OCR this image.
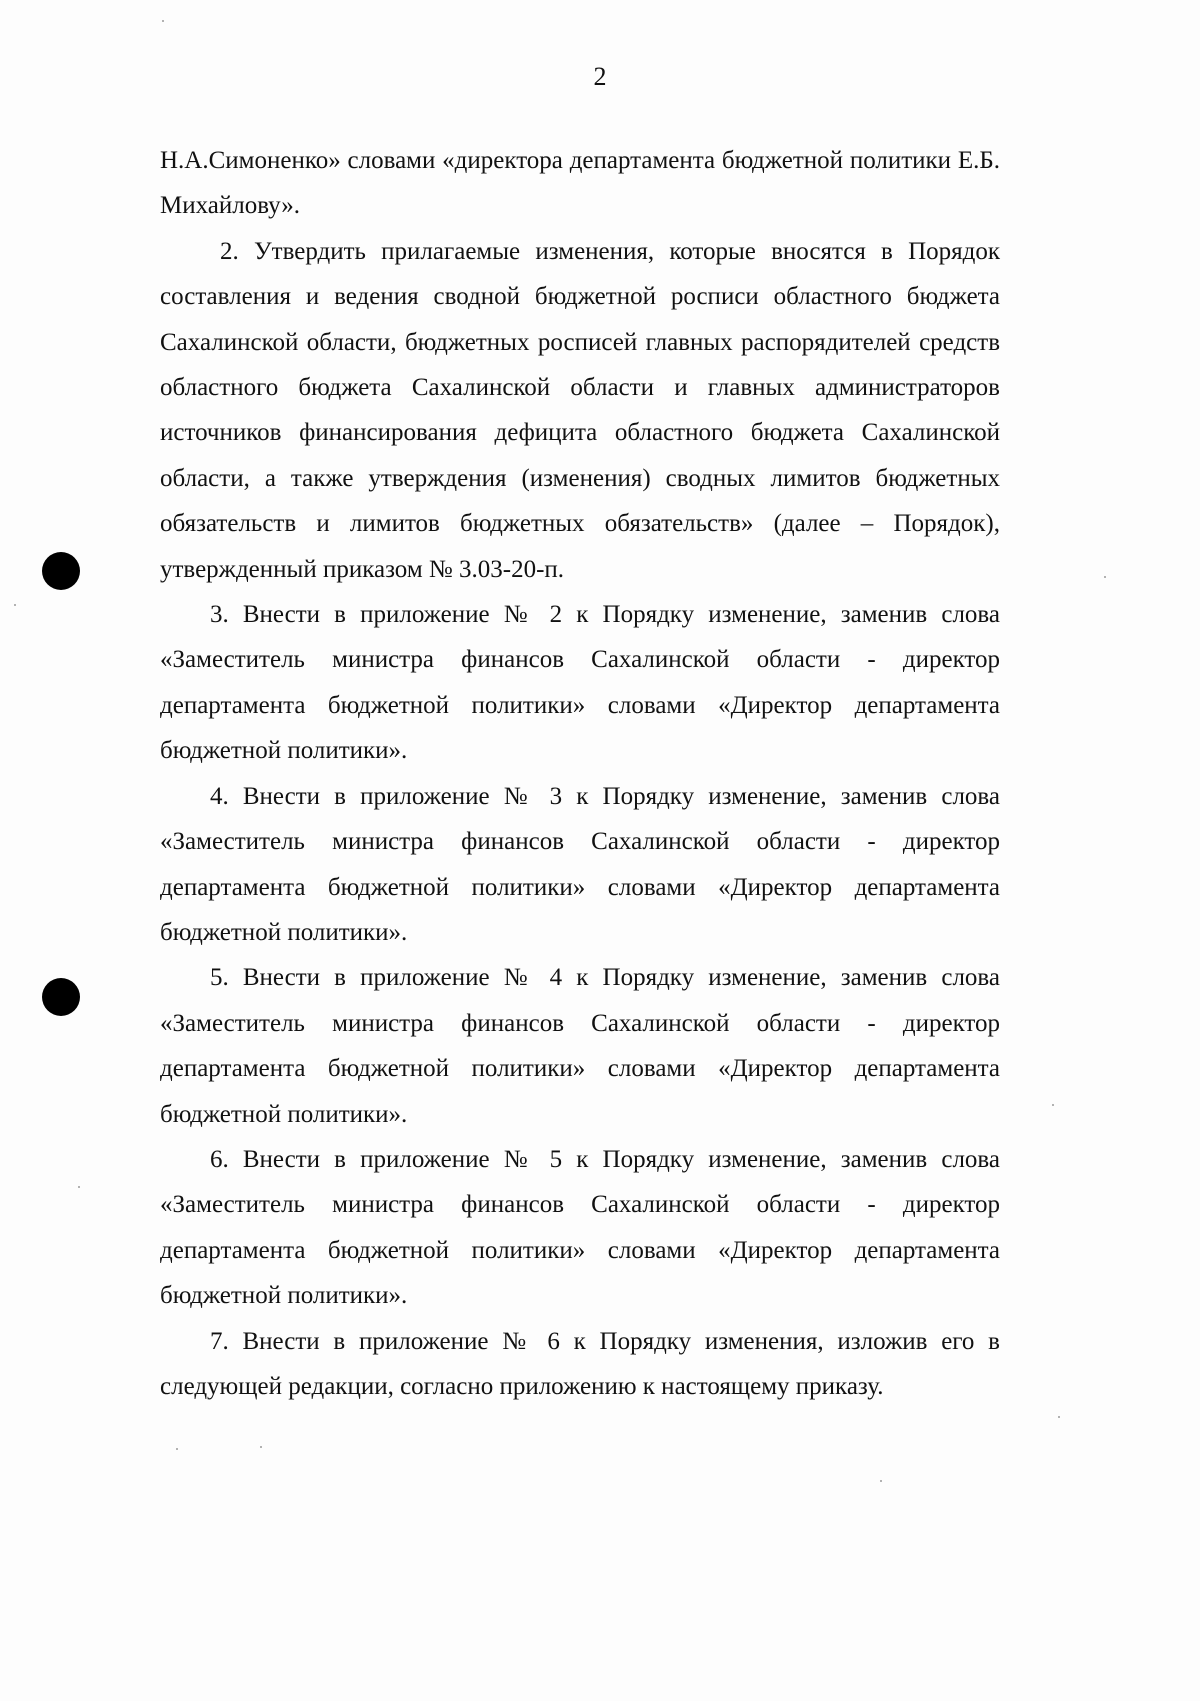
2

Н.А.Симоненко» словами «директора департамента бюджетной политики Е.Б. Михайлову».

2. Утвердить прилагаемые изменения, которые вносятся в Порядок составления и ведения сводной бюджетной росписи областного бюджета Сахалинской области, бюджетных росписей главных распорядителей средств областного бюджета Сахалинской области и главных администраторов источников финансирования дефицита областного бюджета Сахалинской области, а также утверждения (изменения) сводных лимитов бюджетных обязательств и лимитов бюджетных обязательств» (далее – Порядок), утвержденный приказом № 3.03-20-п.

3. Внести в приложение № 2 к Порядку изменение, заменив слова «Заместитель министра финансов Сахалинской области - директор департамента бюджетной политики» словами «Директор департамента бюджетной политики».

4. Внести в приложение № 3 к Порядку изменение, заменив слова «Заместитель министра финансов Сахалинской области - директор департамента бюджетной политики» словами «Директор департамента бюджетной политики».

5. Внести в приложение № 4 к Порядку изменение, заменив слова «Заместитель министра финансов Сахалинской области - директор департамента бюджетной политики» словами «Директор департамента бюджетной политики».

6. Внести в приложение № 5 к Порядку изменение, заменив слова «Заместитель министра финансов Сахалинской области - директор департамента бюджетной политики» словами «Директор департамента бюджетной политики».

7. Внести в приложение № 6 к Порядку изменения, изложив его в следующей редакции, согласно приложению к настоящему приказу.
